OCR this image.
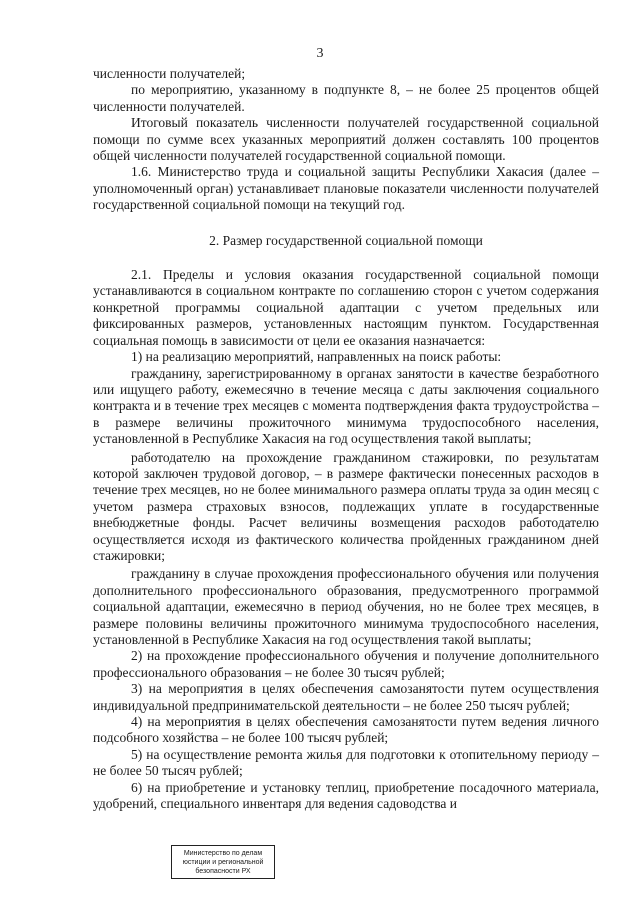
3

численности получателей;

по мероприятию, указанному в подпункте 8, – не более 25 процентов общей численности получателей.

Итоговый показатель численности получателей государственной социальной помощи по сумме всех указанных мероприятий должен составлять 100 процентов общей численности получателей государственной социальной помощи.

1.6. Министерство труда и социальной защиты Республики Хакасия (далее – уполномоченный орган) устанавливает плановые показатели численности получателей государственной социальной помощи на текущий год.

2. Размер государственной социальной помощи

2.1. Пределы и условия оказания государственной социальной помощи устанавливаются в социальном контракте по соглашению сторон с учетом содержания конкретной программы социальной адаптации с учетом предельных или фиксированных размеров, установленных настоящим пунктом. Государственная социальная помощь в зависимости от цели ее оказания назначается:

1) на реализацию мероприятий, направленных на поиск работы:

гражданину, зарегистрированному в органах занятости в качестве безработного или ищущего работу, ежемесячно в течение месяца с даты заключения социального контракта и в течение трех месяцев с момента подтверждения факта трудоустройства – в размере величины прожиточного минимума трудоспособного населения, установленной в Республике Хакасия на год осуществления такой выплаты;

работодателю на прохождение гражданином стажировки, по результатам которой заключен трудовой договор, – в размере фактически понесенных расходов в течение трех месяцев, но не более минимального размера оплаты труда за один месяц с учетом размера страховых взносов, подлежащих уплате в государственные внебюджетные фонды. Расчет величины возмещения расходов работодателю осуществляется исходя из фактического количества пройденных гражданином дней стажировки;

гражданину в случае прохождения профессионального обучения или получения дополнительного профессионального образования, предусмотренного программой социальной адаптации, ежемесячно в период обучения, но не более трех месяцев, в размере половины величины прожиточного минимума трудоспособного населения, установленной в Республике Хакасия на год осуществления такой выплаты;

2) на прохождение профессионального обучения и получение дополнительного профессионального образования – не более 30 тысяч рублей;

3) на мероприятия в целях обеспечения самозанятости путем осуществления индивидуальной предпринимательской деятельности – не более 250 тысяч рублей;

4) на мероприятия в целях обеспечения самозанятости путем ведения личного подсобного хозяйства – не более 100 тысяч рублей;

5) на осуществление ремонта жилья для подготовки к отопительному периоду – не более 50 тысяч рублей;

6) на приобретение и установку теплиц, приобретение посадочного материала, удобрений, специального инвентаря для ведения садоводства и

Министерство по делам
юстиции и региональной
безопасности РХ
